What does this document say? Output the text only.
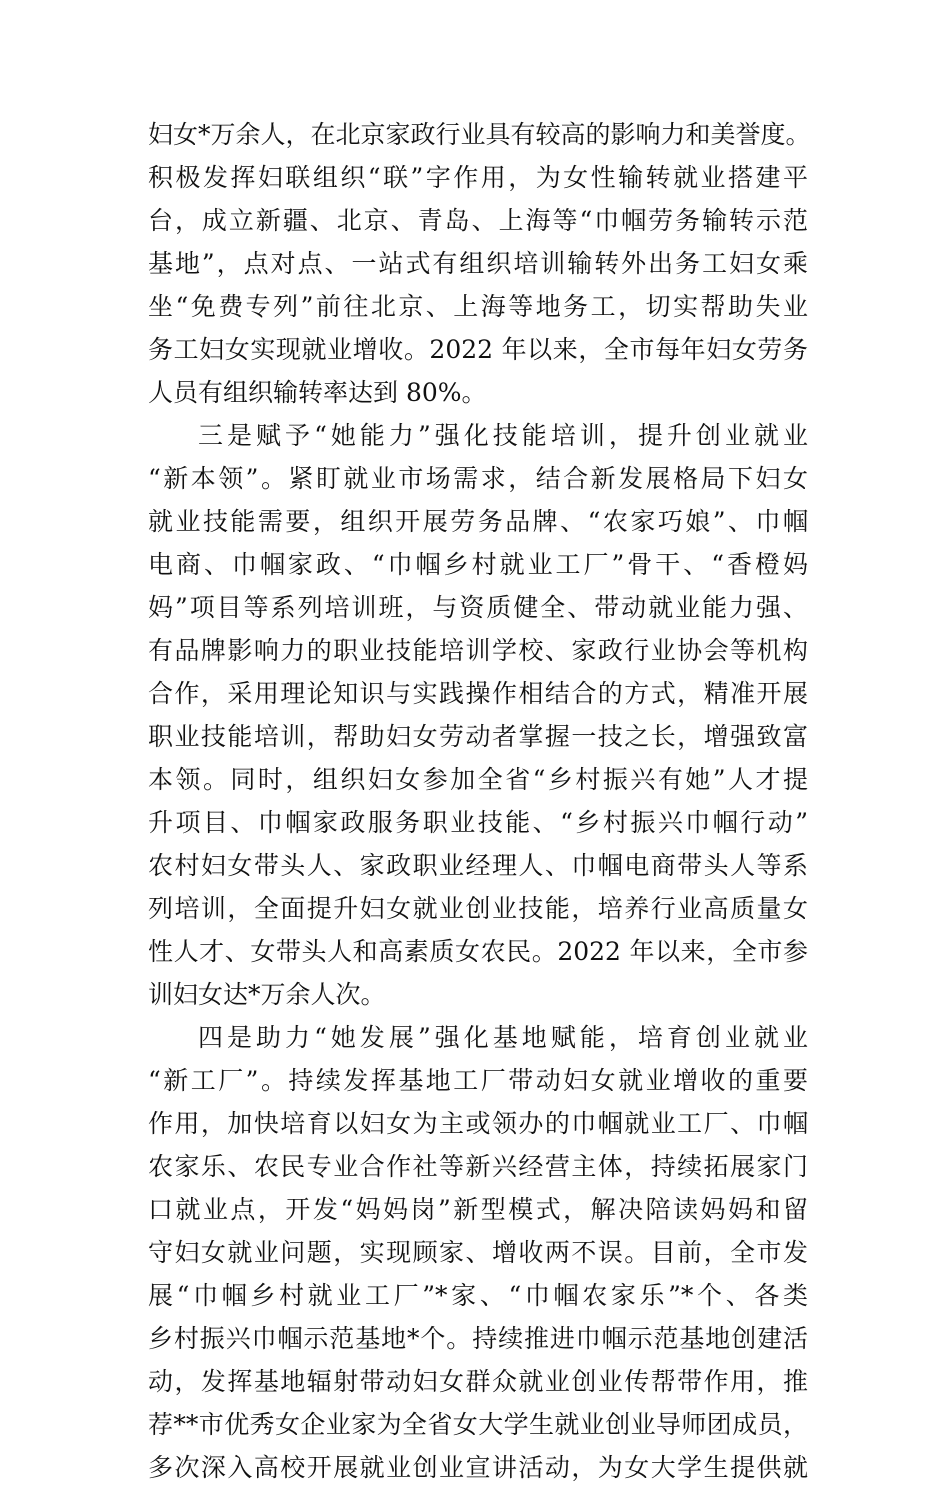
妇女*万余人，在北京家政行业具有较高的影响力和美誉度。
积极发挥妇联组织“联”字作用，为女性输转就业搭建平
台，成立新疆、北京、青岛、上海等“巾帼劳务输转示范
基地”，点对点、一站式有组织培训输转外出务工妇女乘
坐“免费专列”前往北京、上海等地务工，切实帮助失业
务工妇女实现就业增收。2022 年以来，全市每年妇女劳务
人员有组织输转率达到 80%。
三是赋予“她能力”强化技能培训，提升创业就业
“新本领”。紧盯就业市场需求，结合新发展格局下妇女
就业技能需要，组织开展劳务品牌、“农家巧娘”、巾帼
电商、巾帼家政、“巾帼乡村就业工厂”骨干、“香橙妈
妈”项目等系列培训班，与资质健全、带动就业能力强、
有品牌影响力的职业技能培训学校、家政行业协会等机构
合作，采用理论知识与实践操作相结合的方式，精准开展
职业技能培训，帮助妇女劳动者掌握一技之长，增强致富
本领。同时，组织妇女参加全省“乡村振兴有她”人才提
升项目、巾帼家政服务职业技能、“乡村振兴巾帼行动”
农村妇女带头人、家政职业经理人、巾帼电商带头人等系
列培训，全面提升妇女就业创业技能，培养行业高质量女
性人才、女带头人和高素质女农民。2022 年以来，全市参
训妇女达*万余人次。
四是助力“她发展”强化基地赋能，培育创业就业
“新工厂”。持续发挥基地工厂带动妇女就业增收的重要
作用，加快培育以妇女为主或领办的巾帼就业工厂、巾帼
农家乐、农民专业合作社等新兴经营主体，持续拓展家门
口就业点，开发“妈妈岗”新型模式，解决陪读妈妈和留
守妇女就业问题，实现顾家、增收两不误。目前，全市发
展“巾帼乡村就业工厂”*家、“巾帼农家乐”*个、各类
乡村振兴巾帼示范基地*个。持续推进巾帼示范基地创建活
动，发挥基地辐射带动妇女群众就业创业传帮带作用，推
荐**市优秀女企业家为全省女大学生就业创业导师团成员，
多次深入高校开展就业创业宣讲活动，为女大学生提供就
